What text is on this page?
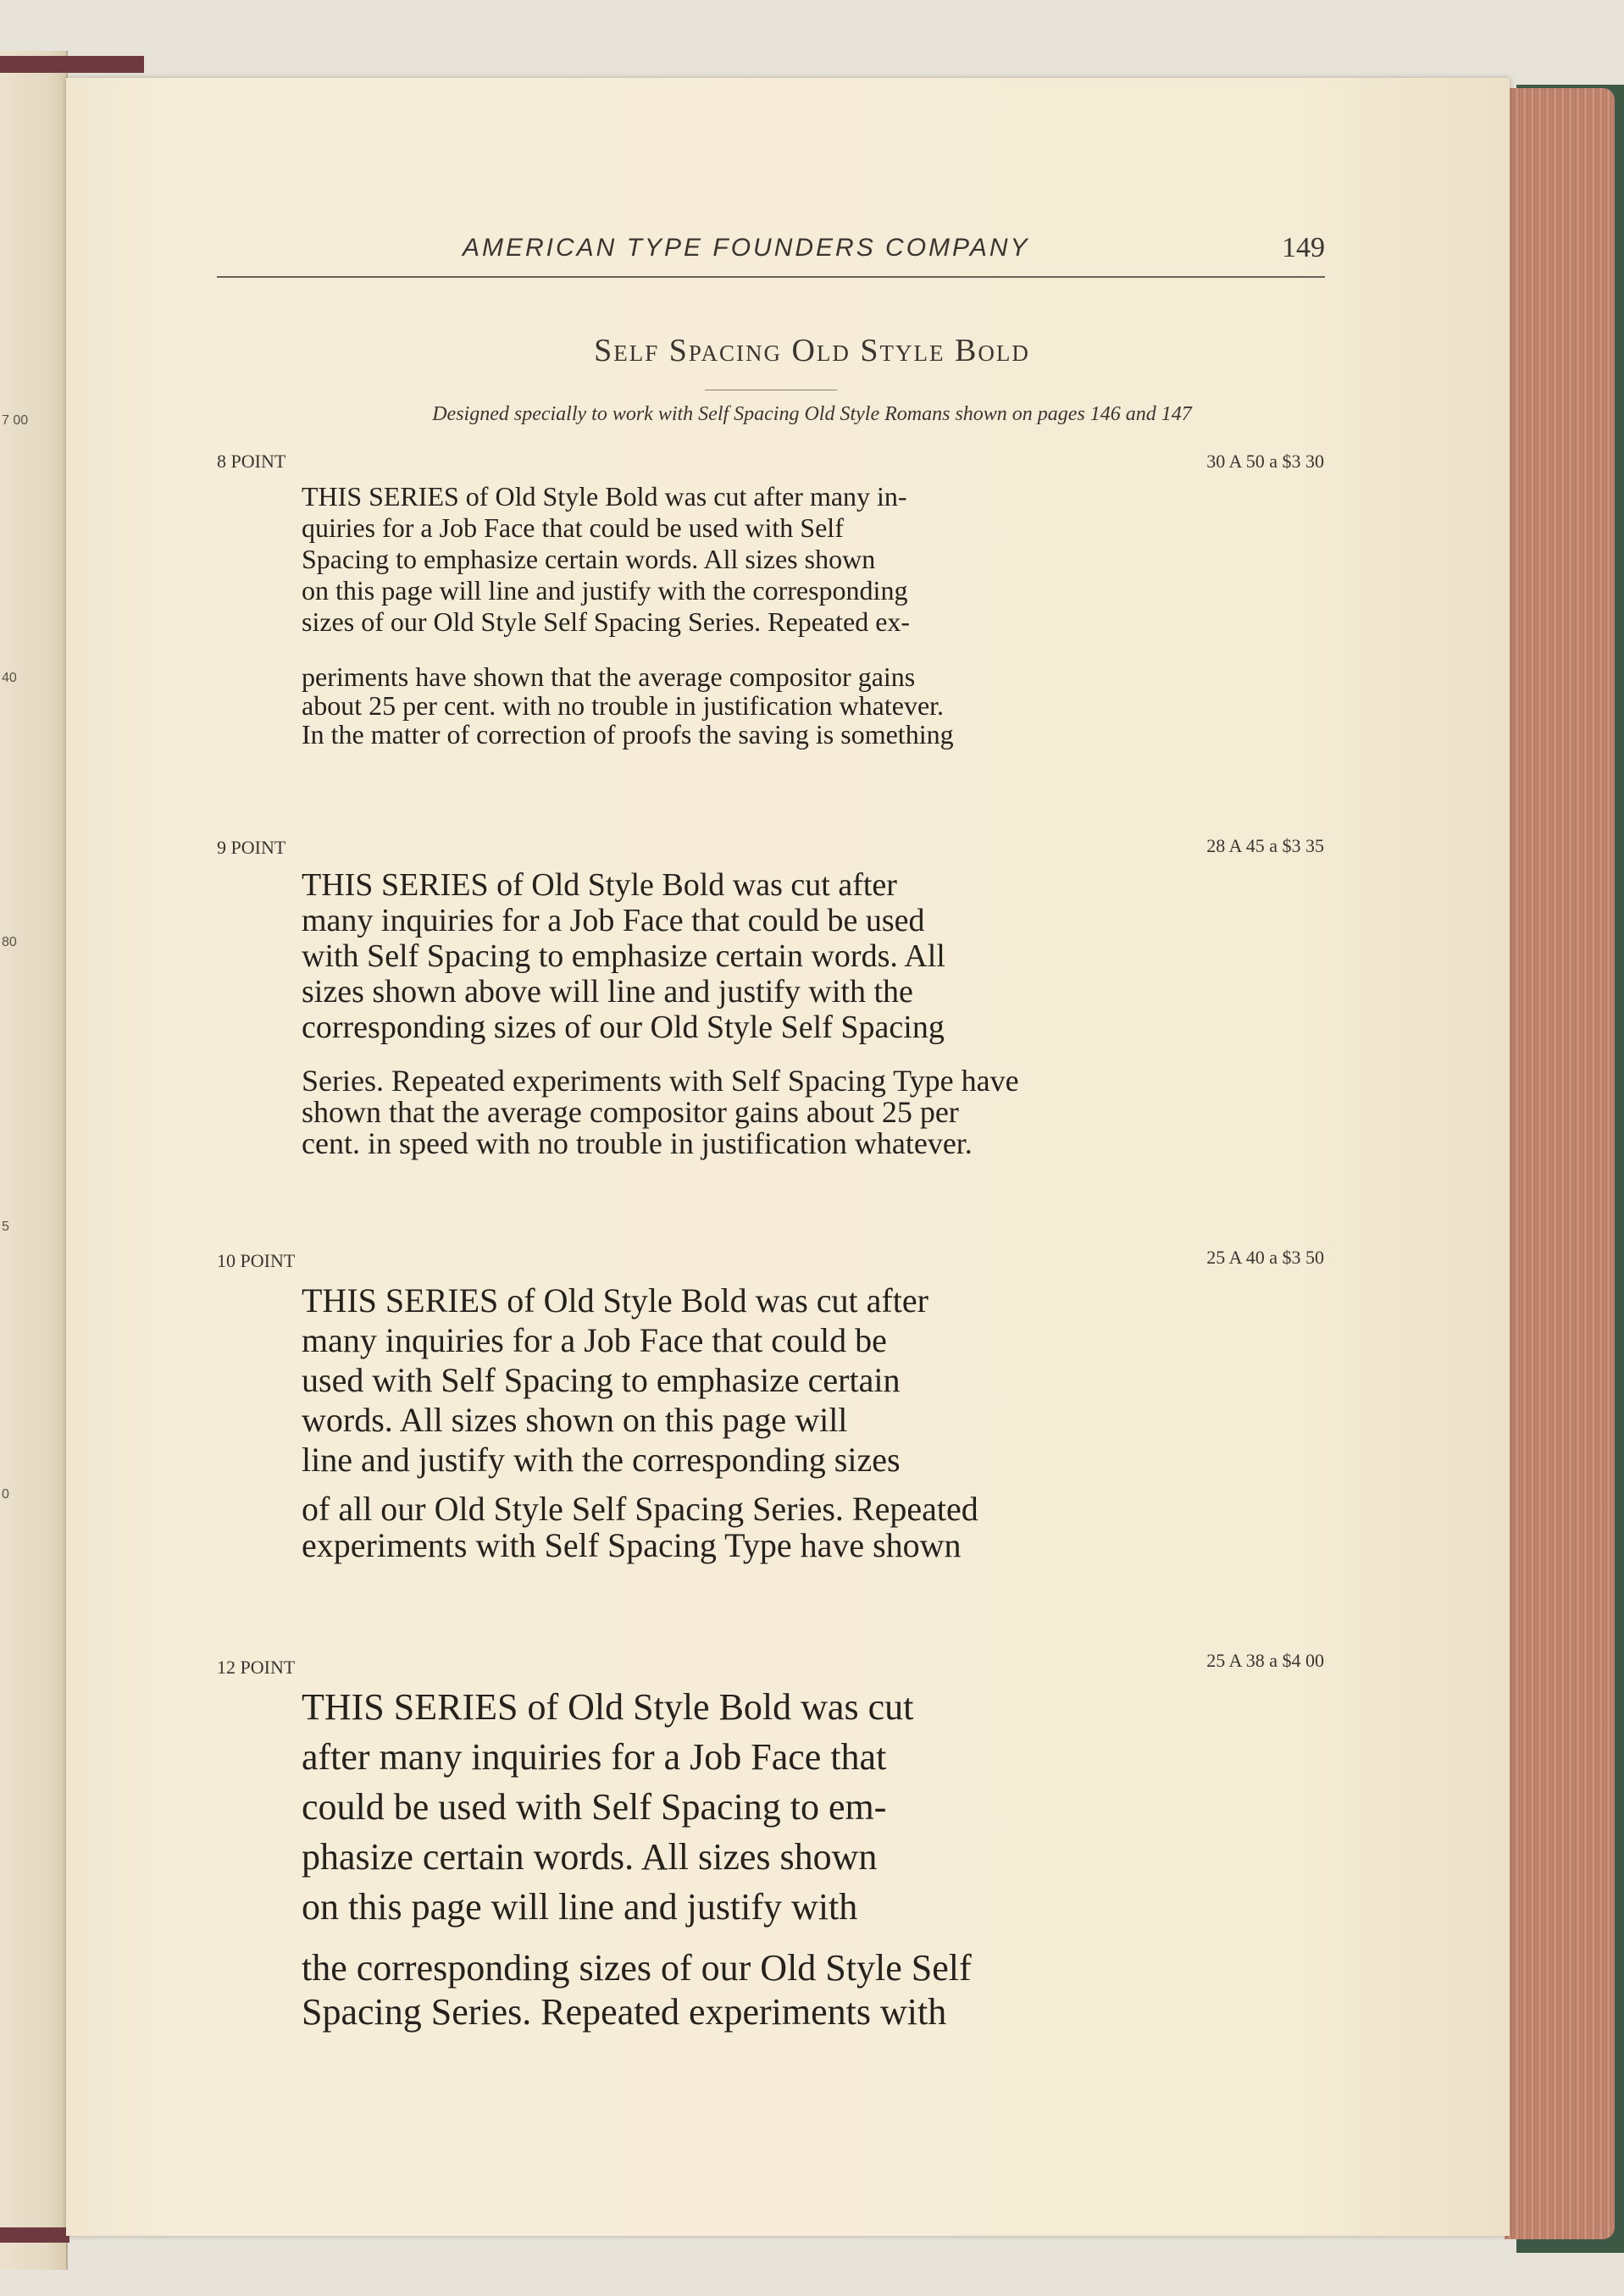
7 00
40
80
5
0
AMERICAN TYPE FOUNDERS COMPANY	149
Self Spacing Old Style Bold
Designed specially to work with Self Spacing Old Style Romans shown on pages 146 and 147
8 POINT	30 A 50 a $3 30
THIS SERIES of Old Style Bold was cut after many in-
quiries for a Job Face that could be used with Self
Spacing to emphasize certain words. All sizes shown
on this page will line and justify with the corresponding
sizes of our Old Style Self Spacing Series. Repeated ex-
periments have shown that the average compositor gains
about 25 per cent. with no trouble in justification whatever.
In the matter of correction of proofs the saving is something
9 POINT	28 A 45 a $3 35
THIS SERIES of Old Style Bold was cut after
many inquiries for a Job Face that could be used
with Self Spacing to emphasize certain words. All
sizes shown above will line and justify with the
corresponding sizes of our Old Style Self Spacing
Series. Repeated experiments with Self Spacing Type have
shown that the average compositor gains about 25 per
cent. in speed with no trouble in justification whatever.
10 POINT	25 A 40 a $3 50
THIS SERIES of Old Style Bold was cut after
many inquiries for a Job Face that could be
used with Self Spacing to emphasize certain
words. All sizes shown on this page will
line and justify with the corresponding sizes
of all our Old Style Self Spacing Series. Repeated
experiments with Self Spacing Type have shown
12 POINT	25 A 38 a $4 00
THIS SERIES of Old Style Bold was cut
after many inquiries for a Job Face that
could be used with Self Spacing to em-
phasize certain words. All sizes shown
on this page will line and justify with
the corresponding sizes of our Old Style Self
Spacing Series. Repeated experiments with
